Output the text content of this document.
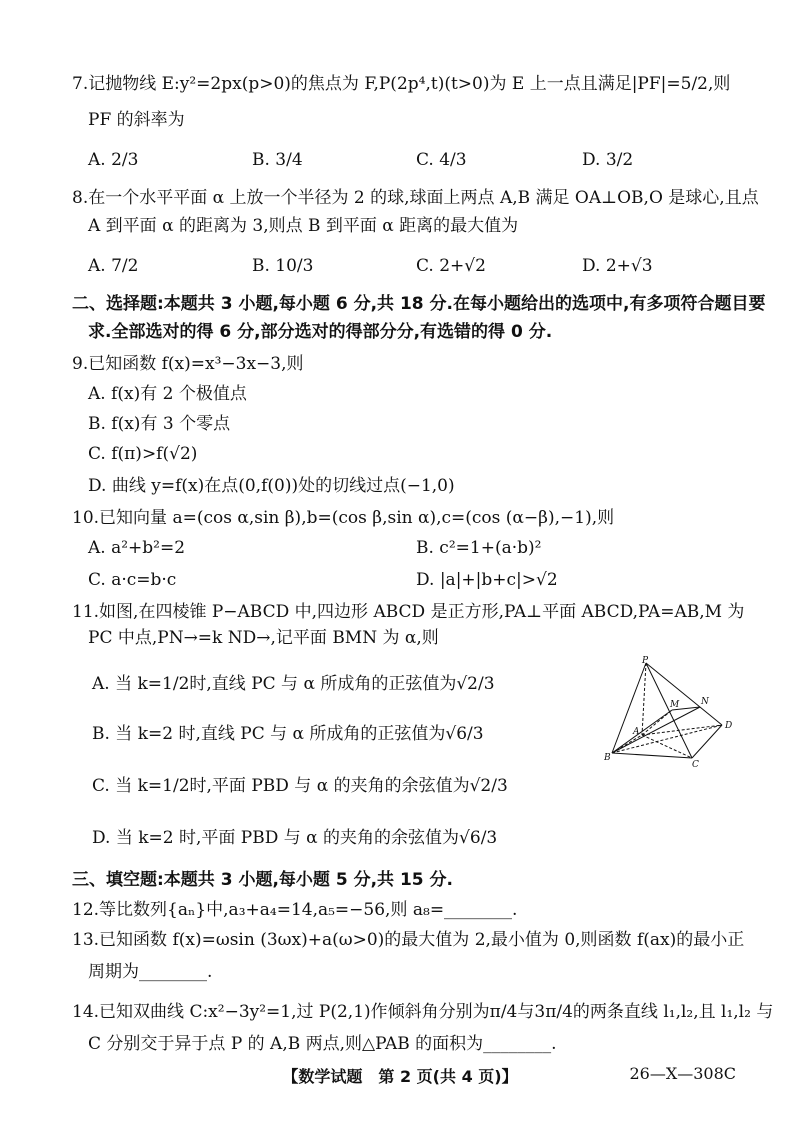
7.记抛物线 E:y²=2px(p>0)的焦点为 F,P(2p⁴,t)(t>0)为 E 上一点且满足|PF|=5/2,则
PF 的斜率为
A. 2/3	B. 3/4	C. 4/3	D. 3/2
8.在一个水平平面 α 上放一个半径为 2 的球,球面上两点 A,B 满足 OA⊥OB,O 是球心,且点
A 到平面 α 的距离为 3,则点 B 到平面 α 距离的最大值为
A. 7/2	B. 10/3	C. 2+√2	D. 2+√3
二、选择题:本题共 3 小题,每小题 6 分,共 18 分.在每小题给出的选项中,有多项符合题目要
求.全部选对的得 6 分,部分选对的得部分分,有选错的得 0 分.
9.已知函数 f(x)=x³−3x−3,则
A. f(x)有 2 个极值点
B. f(x)有 3 个零点
C. f(π)>f(√2)
D. 曲线 y=f(x)在点(0,f(0))处的切线过点(−1,0)
10.已知向量 a=(cos α,sin β),b=(cos β,sin α),c=(cos (α−β),−1),则
A. a²+b²=2	B. c²=1+(a·b)²
C. a·c=b·c	D. |a|+|b+c|>√2
11.如图,在四棱锥 P−ABCD 中,四边形 ABCD 是正方形,PA⊥平面 ABCD,PA=AB,M 为
PC 中点,PN→=k ND→,记平面 BMN 为 α,则
A. 当 k=1/2时,直线 PC 与 α 所成角的正弦值为√2/3
B. 当 k=2 时,直线 PC 与 α 所成角的正弦值为√6/3
C. 当 k=1/2时,平面 PBD 与 α 的夹角的余弦值为√2/3
D. 当 k=2 时,平面 PBD 与 α 的夹角的余弦值为√6/3
P
A
B
C
D
M N
三、填空题:本题共 3 小题,每小题 5 分,共 15 分.
12.等比数列{aₙ}中,a₃+a₄=14,a₅=−56,则 a₈=________.
13.已知函数 f(x)=ωsin (3ωx)+a(ω>0)的最大值为 2,最小值为 0,则函数 f(ax)的最小正
周期为________.
14.已知双曲线 C:x²−3y²=1,过 P(2,1)作倾斜角分别为π/4与3π/4的两条直线 l₁,l₂,且 l₁,l₂ 与
C 分别交于异于点 P 的 A,B 两点,则△PAB 的面积为________.
【数学试题　第 2 页(共 4 页)】	26—X—308C
